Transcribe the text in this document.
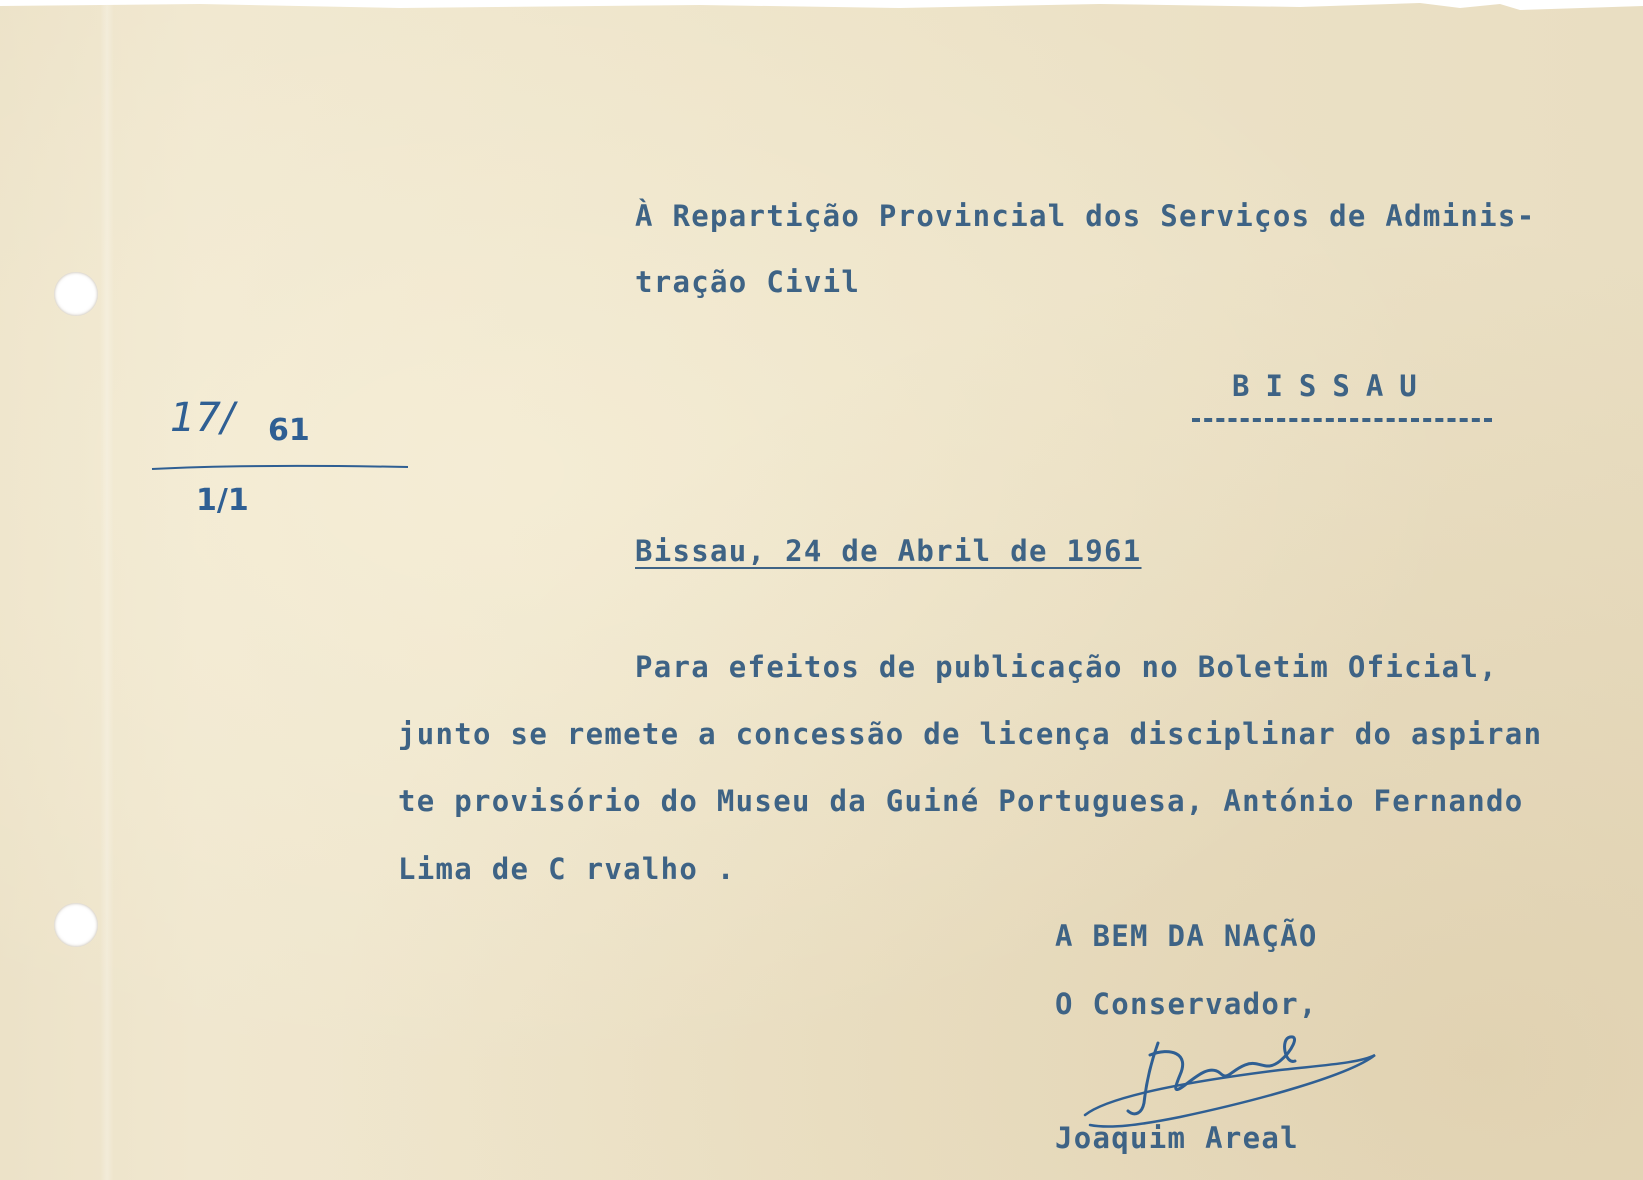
17/ 61
1/1
À Repartição Provincial dos Serviços de Adminis-
tração Civil
BISSAU
Bissau, 24 de Abril de 1961
Para efeitos de publicação no Boletim Oficial,
junto se remete a concessão de licença disciplinar do aspiran
te provisório do Museu da Guiné Portuguesa, António Fernando
Lima de C rvalho .
A BEM DA NAÇÃO
O Conservador,
Joaquim Areal
